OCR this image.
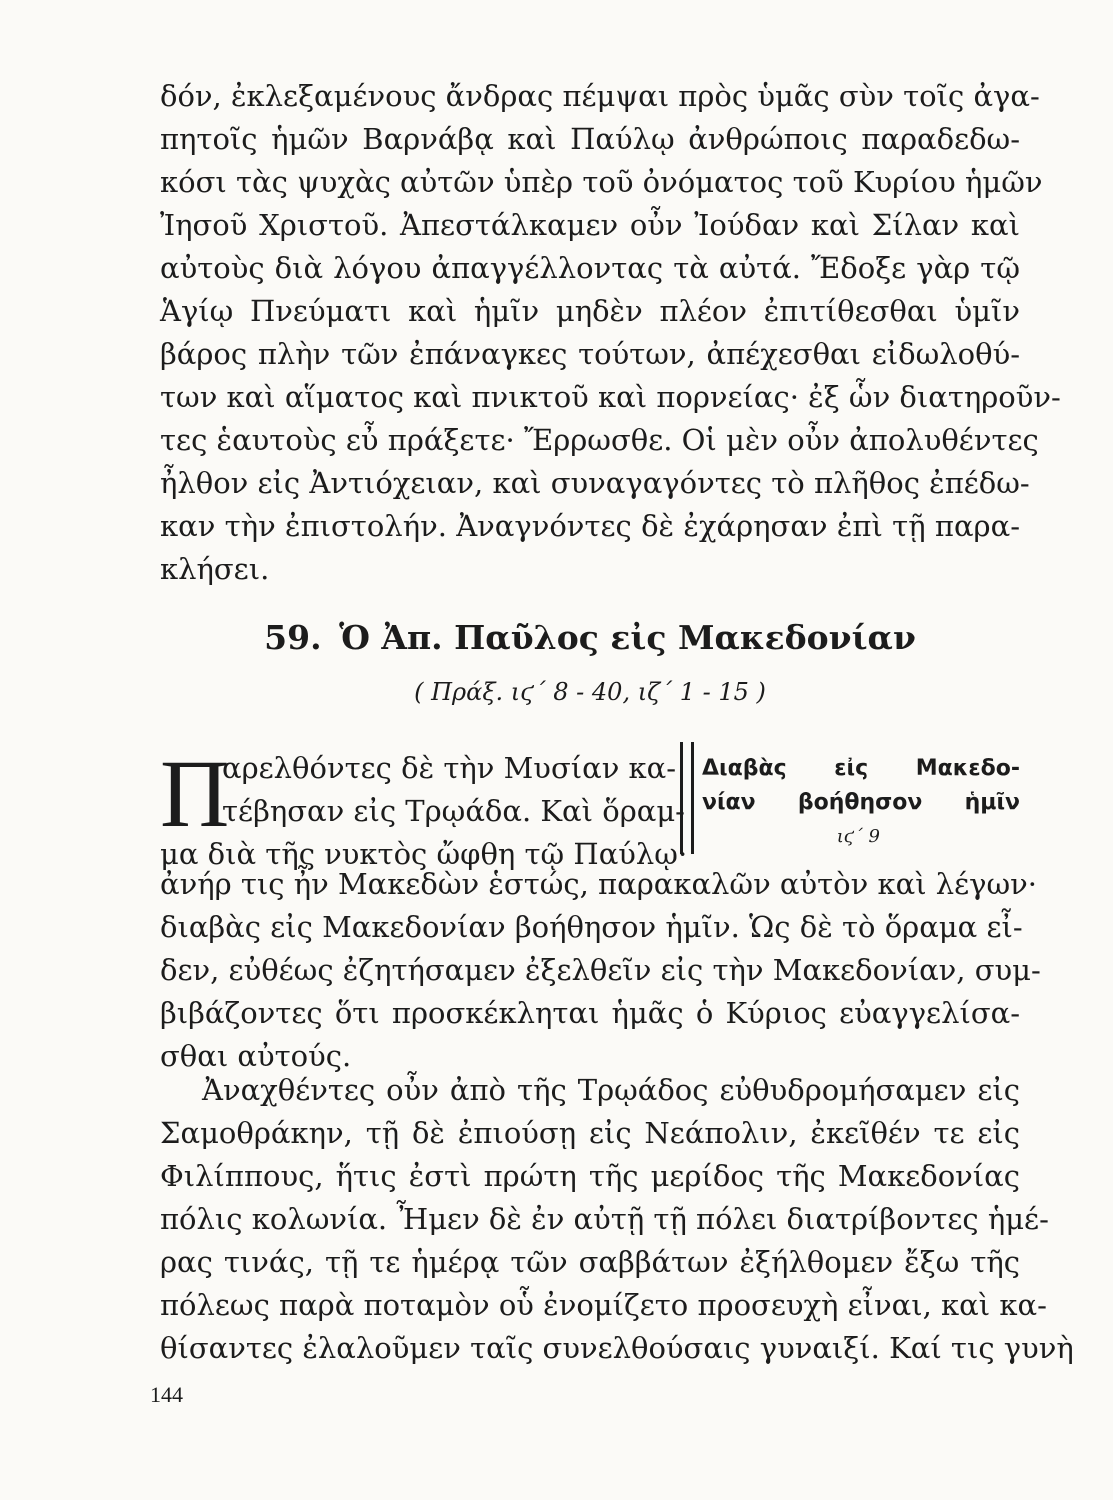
δόν, ἐκλεξαμένους ἄνδρας πέμψαι πρὸς ὑμᾶς σὺν τοῖς ἀγα-
πητοῖς ἡμῶν Βαρνάβᾳ καὶ Παύλῳ ἀνθρώποις παραδεδω-
κόσι τὰς ψυχὰς αὐτῶν ὑπὲρ τοῦ ὀνόματος τοῦ Κυρίου ἡμῶν
Ἰησοῦ Χριστοῦ. Ἀπεστάλκαμεν οὖν Ἰούδαν καὶ Σίλαν καὶ
αὐτοὺς διὰ λόγου ἀπαγγέλλοντας τὰ αὐτά. Ἔδοξε γὰρ τῷ
Ἁγίῳ Πνεύματι καὶ ἡμῖν μηδὲν πλέον ἐπιτίθεσθαι ὑμῖν
βάρος πλὴν τῶν ἐπάναγκες τούτων, ἀπέχεσθαι εἰδωλοθύ-
των καὶ αἵματος καὶ πνικτοῦ καὶ πορνείας· ἐξ ὧν διατηροῦν-
τες ἑαυτοὺς εὖ πράξετε· Ἔρρωσθε. Οἱ μὲν οὖν ἀπολυθέντες
ἦλθον εἰς Ἀντιόχειαν, καὶ συναγαγόντες τὸ πλῆθος ἐπέδω-
καν τὴν ἐπιστολήν. Ἀναγνόντες δὲ ἐχάρησαν ἐπὶ τῇ παρα-
κλήσει.
59. Ὁ Ἀπ. Παῦλος εἰς Μακεδονίαν
( Πράξ. ιϛ΄ 8 - 40, ιζ΄ 1 - 15 )
Π
αρελθόντες δὲ τὴν Μυσίαν κα-
τέβησαν εἰς Τρῳάδα. Καὶ ὅραμ-
μα διὰ τῆς νυκτὸς ὤφθη τῷ Παύλῳ·
Διαβὰς εἰς Μακεδο-
νίαν βοήθησον ἡμῖν
ιϛ΄ 9
ἀνήρ τις ἦν Μακεδὼν ἑστώς, παρακαλῶν αὐτὸν καὶ λέγων·
διαβὰς εἰς Μακεδονίαν βοήθησον ἡμῖν. Ὡς δὲ τὸ ὅραμα εἶ-
δεν, εὐθέως ἐζητήσαμεν ἐξελθεῖν εἰς τὴν Μακεδονίαν, συμ-
βιβάζοντες ὅτι προσκέκληται ἡμᾶς ὁ Κύριος εὐαγγελίσα-
σθαι αὐτούς.
Ἀναχθέντες οὖν ἀπὸ τῆς Τρῳάδος εὐθυδρομήσαμεν εἰς
Σαμοθράκην, τῇ δὲ ἐπιούσῃ εἰς Νεάπολιν, ἐκεῖθέν τε εἰς
Φιλίππους, ἥτις ἐστὶ πρώτη τῆς μερίδος τῆς Μακεδονίας
πόλις κολωνία. Ἦμεν δὲ ἐν αὐτῇ τῇ πόλει διατρίβοντες ἡμέ-
ρας τινάς, τῇ τε ἡμέρᾳ τῶν σαββάτων ἐξήλθομεν ἔξω τῆς
πόλεως παρὰ ποταμὸν οὗ ἐνομίζετο προσευχὴ εἶναι, καὶ κα-
θίσαντες ἐλαλοῦμεν ταῖς συνελθούσαις γυναιξί. Καί τις γυνὴ
144
